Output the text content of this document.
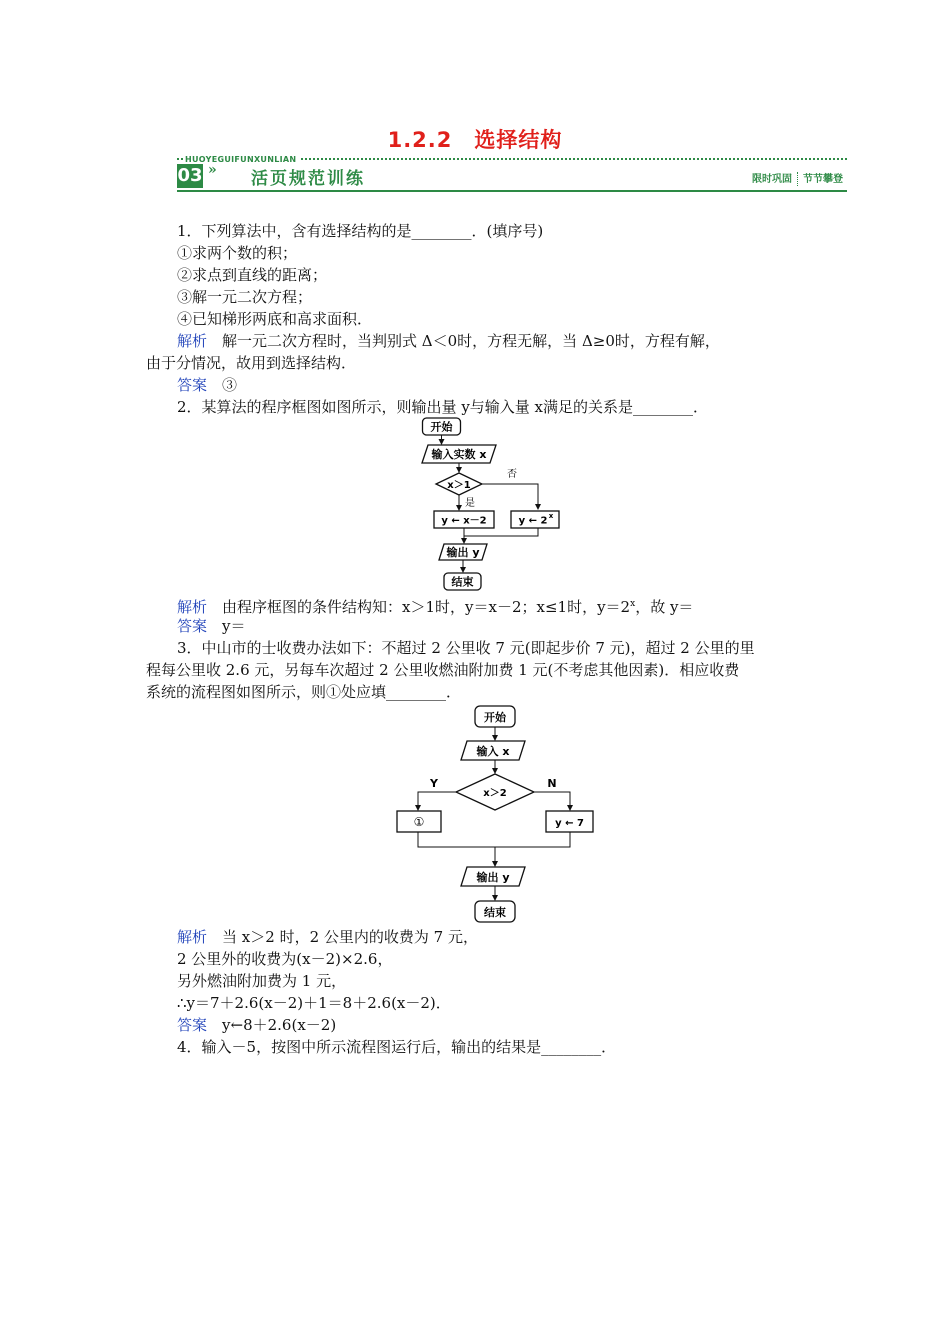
1.2.2　选择结构
HUOYEGUIFUNXUNLIAN
03 » 活页规范训练	限时巩固 节节攀登
1．下列算法中，含有选择结构的是________．(填序号)
①求两个数的积；
②求点到直线的距离；
③解一元二次方程；
④已知梯形两底和高求面积．
解析　 解一元二次方程时，当判别式 Δ＜0时，方程无解，当 Δ≥0时，方程有解，
由于分情况，故用到选择结构．
答案　 ③
2．某算法的程序框图如图所示，则输出量 y与输入量 x满足的关系是________．
开始
输入实数 x
x＞1
否
是
y ← x－2	y ← 2 x
输出 y
结束
解析　 由程序框图的条件结构知：x＞1时，y＝x－2；x≤1时，$y=2^x$，故 y＝
答案　 y＝
3．中山市的士收费办法如下：不超过 2 公里收 7 元(即起步价 7 元)，超过 2 公里的里
程每公里收 2.6 元，另每车次超过 2 公里收燃油附加费 1 元(不考虑其他因素)．相应收费
系统的流程图如图所示，则①处应填________．
开始
输入 x
x＞2
Y	N
①	y ← 7
输出 y
结束
解析　 当 x＞2 时，2 公里内的收费为 7 元，
2 公里外的收费为(x－2)×2.6，
另外燃油附加费为 1 元，
∴y＝7＋2.6(x－2)＋1＝8＋2.6(x－2)．
答案　 y←8＋2.6(x－2)
4．输入－5，按图中所示流程图运行后，输出的结果是________．
